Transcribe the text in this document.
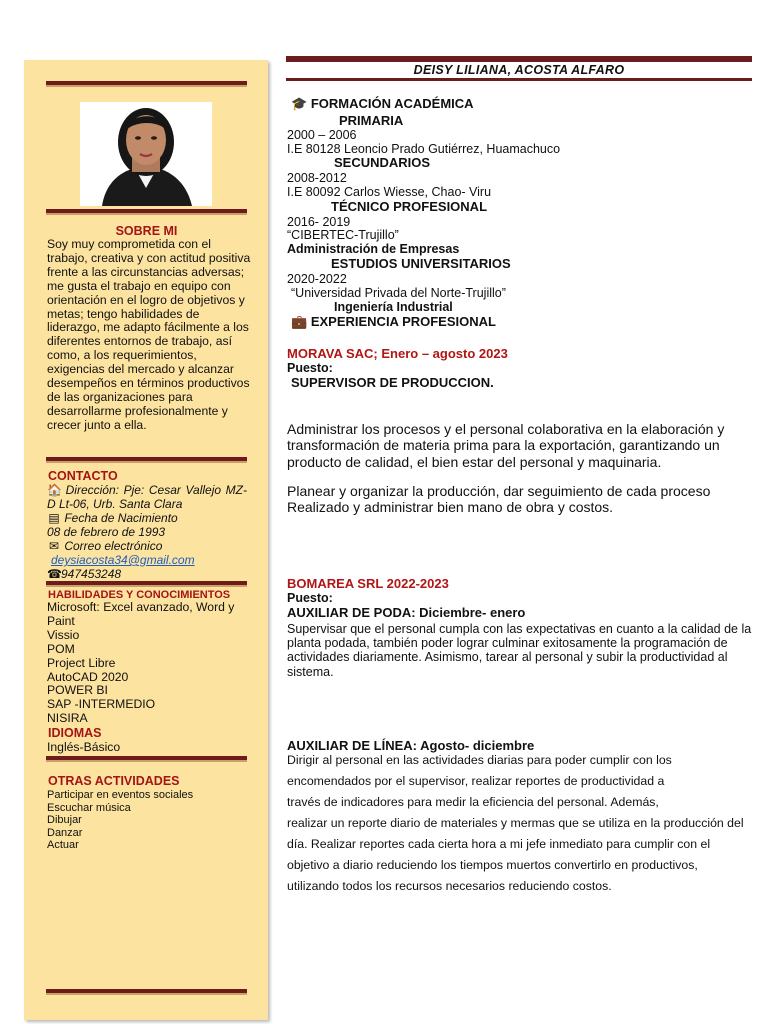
SOBRE MI
Soy muy comprometida con el trabajo, creativa y con actitud positiva frente a las circunstancias adversas; me gusta el trabajo en equipo con orientación en el logro de objetivos y metas; tengo habilidades de liderazgo, me adapto fácilmente a los diferentes entornos de trabajo, así como, a los requerimientos, exigencias del mercado y alcanzar desempeños en términos productivos de las organizaciones para desarrollarme profesionalmente y crecer junto a ella.
CONTACTO
🏠 Dirección: Pje: Cesar Vallejo MZ-D Lt-06, Urb. Santa Clara
▤ Fecha de Nacimiento
08 de febrero de 1993
✉ Correo electrónico
deysiacosta34@gmail.com
☎947453248
HABILIDADES Y CONOCIMIENTOS
Microsoft: Excel avanzado, Word y Paint
Vissio
POM
Project Libre
AutoCAD 2020
POWER BI
SAP -INTERMEDIO
NISIRA
IDIOMAS
Inglés-Básico
OTRAS ACTIVIDADES
Participar en eventos sociales
Escuchar música
Dibujar
Danzar
Actuar
DEISY LILIANA, ACOSTA ALFARO
🎓 FORMACIÓN ACADÉMICA
PRIMARIA
2000 – 2006
I.E 80128 Leoncio Prado Gutiérrez, Huamachuco
SECUNDARIOS
2008-2012
I.E 80092 Carlos Wiesse, Chao- Viru
TÉCNICO PROFESIONAL
2016- 2019
“CIBERTEC-Trujillo”
Administración de Empresas
ESTUDIOS UNIVERSITARIOS
2020-2022
“Universidad Privada del Norte-Trujillo”
Ingeniería Industrial
💼 EXPERIENCIA PROFESIONAL
MORAVA SAC; Enero – agosto 2023
Puesto:
SUPERVISOR DE PRODUCCION.
Administrar los procesos y el personal colaborativa en la elaboración y transformación de materia prima para la exportación, garantizando un producto de calidad, el bien estar del personal y maquinaria.
Planear y organizar la producción, dar seguimiento de cada proceso Realizado y administrar bien mano de obra y costos.
BOMAREA SRL 2022-2023
Puesto:
AUXILIAR DE PODA: Diciembre- enero
Supervisar que el personal cumpla con las expectativas en cuanto a la calidad de la planta podada, también poder lograr culminar exitosamente la programación de actividades diariamente. Asimismo, tarear al personal y subir la productividad al sistema.
AUXILIAR DE LÍNEA: Agosto- diciembre
Dirigir al personal en las actividades diarias para poder cumplir con los
encomendados por el supervisor, realizar reportes de productividad a
través de indicadores para medir la eficiencia del personal. Además,
realizar un reporte diario de materiales y mermas que se utiliza en la producción del
día. Realizar reportes cada cierta hora a mi jefe inmediato para cumplir con el
objetivo a diario reduciendo los tiempos muertos convertirlo en productivos,
utilizando todos los recursos necesarios reduciendo costos.
